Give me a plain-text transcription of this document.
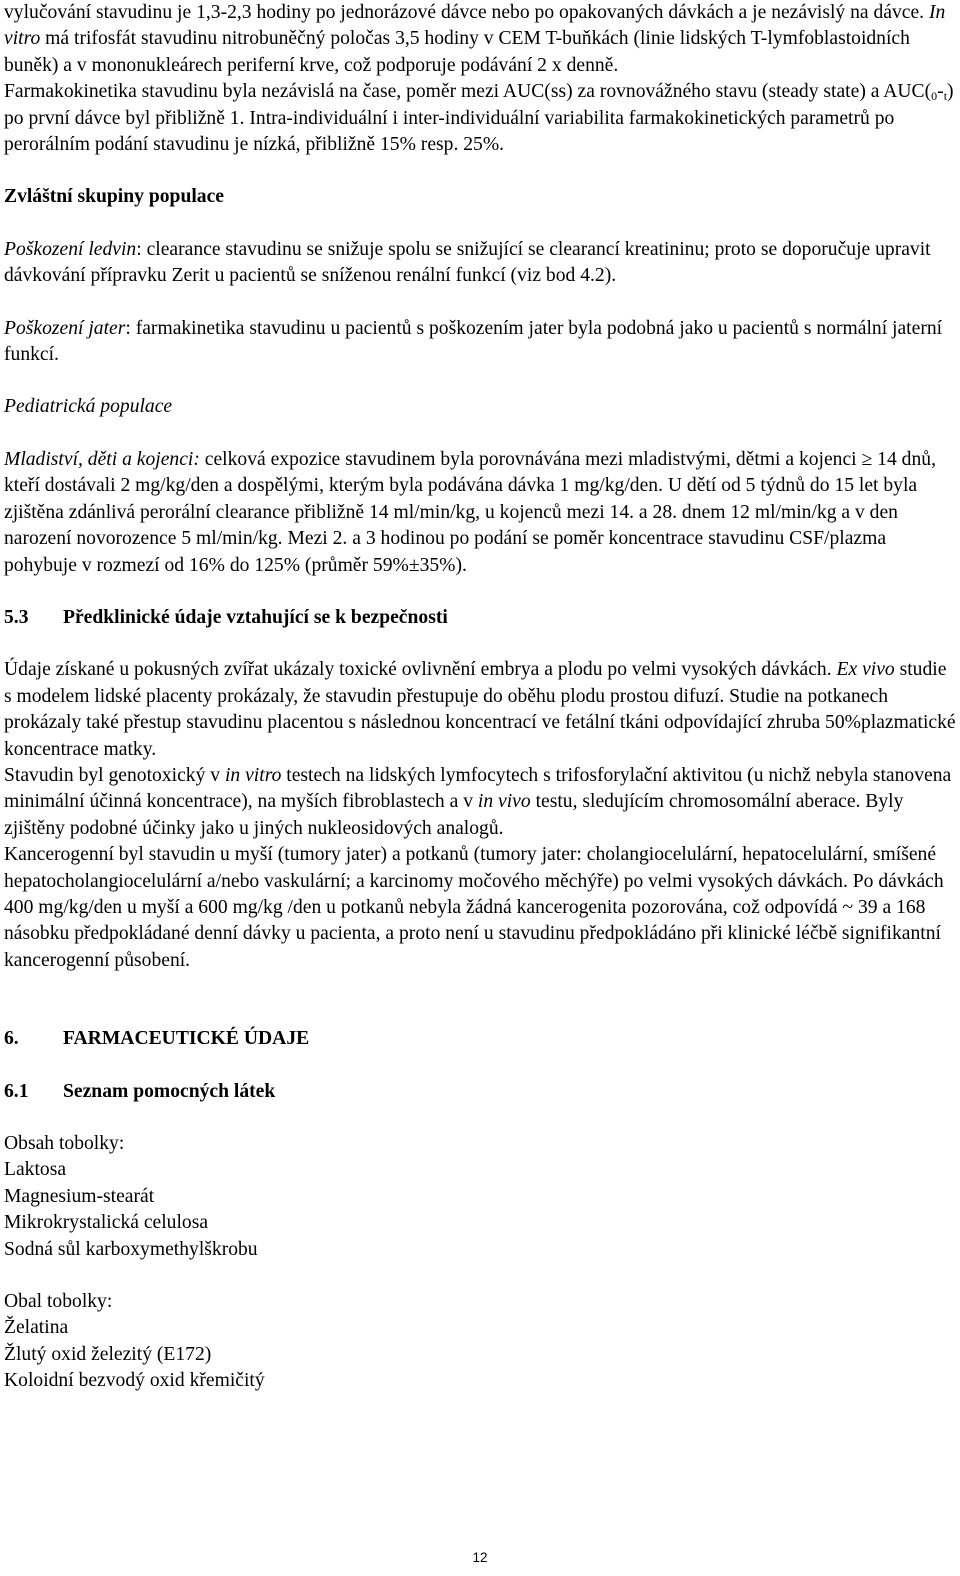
vylučování stavudinu je 1,3-2,3 hodiny po jednorázové dávce nebo po opakovaných dávkách a je nezávislý na dávce. In vitro má trifosfát stavudinu nitrobuněčný poločas 3,5 hodiny v CEM T-buňkách (linie lidských T-lymfoblastoidních buněk) a v mononukleárech periferní krve, což podporuje podávání 2 x denně.

Farmakokinetika stavudinu byla nezávislá na čase, poměr mezi AUC(ss) za rovnovážného stavu (steady state) a $AUC(_0-_t)$ po první dávce byl přibližně 1. Intra-individuální i inter-individuální variabilita farmakokinetických parametrů po perorálním podání stavudinu je nízká, přibližně 15% resp. 25%.

Zvláštní skupiny populace

Poškození ledvin: clearance stavudinu se snižuje spolu se snižující se clearancí kreatininu; proto se doporučuje upravit dávkování přípravku Zerit u pacientů se sníženou renální funkcí (viz bod 4.2).

Poškození jater: farmakinetika stavudinu u pacientů s poškozením jater byla podobná jako u pacientů s normální jaterní funkcí.

Pediatrická populace

Mladiství, děti a kojenci: celková expozice stavudinem byla porovnávána mezi mladistvými, dětmi a kojenci ≥ 14 dnů, kteří dostávali 2 mg/kg/den a dospělými, kterým byla podávána dávka 1 mg/kg/den. U dětí od 5 týdnů do 15 let byla zjištěna zdánlivá perorální clearance přibližně 14 ml/min/kg, u kojenců mezi 14. a 28. dnem 12 ml/min/kg a v den narození novorozence 5 ml/min/kg. Mezi 2. a 3 hodinou po podání se poměr koncentrace stavudinu CSF/plazma pohybuje v rozmezí od 16% do 125% (průměr 59%±35%).

5.3 Předklinické údaje vztahující se k bezpečnosti

Údaje získané u pokusných zvířat ukázaly toxické ovlivnění embrya a plodu po velmi vysokých dávkách. Ex vivo studie s modelem lidské placenty prokázaly, že stavudin přestupuje do oběhu plodu prostou difuzí. Studie na potkanech prokázaly také přestup stavudinu placentou s následnou koncentrací ve fetální tkáni odpovídající zhruba 50%plazmatické koncentrace matky.

Stavudin byl genotoxický v in vitro testech na lidských lymfocytech s trifosforylační aktivitou (u nichž nebyla stanovena minimální účinná koncentrace), na myších fibroblastech a v in vivo testu, sledujícím chromosomální aberace. Byly zjištěny podobné účinky jako u jiných nukleosidových analogů.

Kancerogenní byl stavudin u myší (tumory jater) a potkanů (tumory jater: cholangiocelulární, hepatocelulární, smíšené hepatocholangiocelulární a/nebo vaskulární; a karcinomy močového měchýře) po velmi vysokých dávkách. Po dávkách 400 mg/kg/den u myší a 600 mg/kg /den u potkanů nebyla žádná kancerogenita pozorována, což odpovídá ~ 39 a 168 násobku předpokládané denní dávky u pacienta, a proto není u stavudinu předpokládáno při klinické léčbě signifikantní kancerogenní působení.

6. FARMACEUTICKÉ ÚDAJE

6.1 Seznam pomocných látek

Obsah tobolky:

Laktosa

Magnesium-stearát

Mikrokrystalická celulosa

Sodná sůl karboxymethylškrobu

Obal tobolky:

Želatina

Žlutý oxid železitý (E172)

Koloidní bezvodý oxid křemičitý

12
